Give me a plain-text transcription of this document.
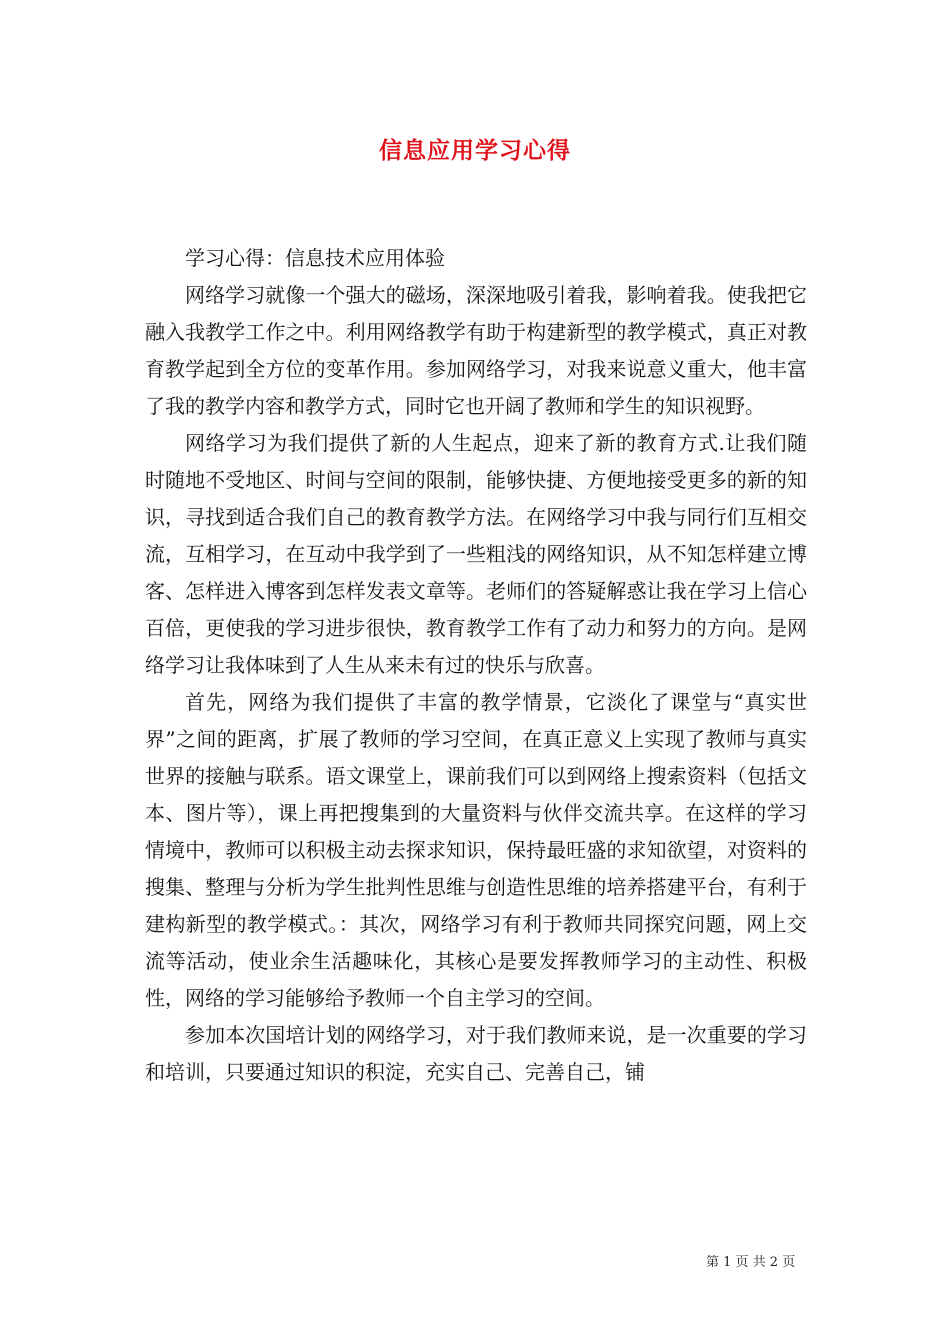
信息应用学习心得

学习心得：信息技术应用体验

网络学习就像一个强大的磁场，深深地吸引着我，影响着我。使我把它融入我教学工作之中。利用网络教学有助于构建新型的教学模式，真正对教育教学起到全方位的变革作用。参加网络学习，对我来说意义重大，他丰富了我的教学内容和教学方式，同时它也开阔了教师和学生的知识视野。

网络学习为我们提供了新的人生起点，迎来了新的教育方式.让我们随时随地不受地区、时间与空间的限制，能够快捷、方便地接受更多的新的知识，寻找到适合我们自己的教育教学方法。在网络学习中我与同行们互相交流，互相学习，在互动中我学到了一些粗浅的网络知识，从不知怎样建立博客、怎样进入博客到怎样发表文章等。老师们的答疑解惑让我在学习上信心百倍，更使我的学习进步很快，教育教学工作有了动力和努力的方向。是网络学习让我体味到了人生从来未有过的快乐与欣喜。

首先，网络为我们提供了丰富的教学情景，它淡化了课堂与“真实世界”之间的距离，扩展了教师的学习空间，在真正意义上实现了教师与真实世界的接触与联系。语文课堂上，课前我们可以到网络上搜索资料（包括文本、图片等），课上再把搜集到的大量资料与伙伴交流共享。在这样的学习情境中，教师可以积极主动去探求知识，保持最旺盛的求知欲望，对资料的搜集、整理与分析为学生批判性思维与创造性思维的培养搭建平台，有利于建构新型的教学模式。：其次，网络学习有利于教师共同探究问题，网上交流等活动，使业余生活趣味化，其核心是要发挥教师学习的主动性、积极性，网络的学习能够给予教师一个自主学习的空间。

参加本次国培计划的网络学习，对于我们教师来说，是一次重要的学习和培训，只要通过知识的积淀，充实自己、完善自己，铺

第 1 页 共 2 页
